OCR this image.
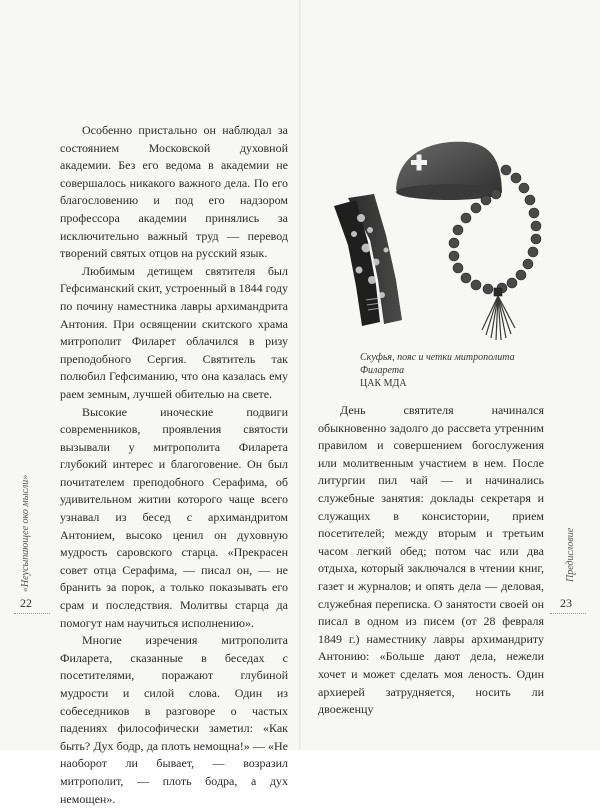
Особенно пристально он наблюдал за состоянием Московской духовной академии. Без его ведома в академии не совершалось никакого важного дела. По его благословению и под его надзором профессора академии принялись за исключительно важный труд — перевод творений святых отцов на русский язык.

Любимым детищем святителя был Гефсиманский скит, устроенный в 1844 году по почину наместника лавры архимандрита Антония. При освящении скитского храма митрополит Филарет облачился в ризу преподобного Сергия. Святитель так полюбил Гефсиманию, что она казалась ему раем земным, лучшей обителью на свете.

Высокие иноческие подвиги современников, проявления святости вызывали у митрополита Филарета глубокий интерес и благоговение. Он был почитателем преподобного Серафима, об удивительном житии которого чаще всего узнавал из бесед с архимандритом Антонием, высоко ценил он духовную мудрость саровского старца. «Прекрасен совет отца Серафима, — писал он, — не бранить за порок, а только показывать его срам и последствия. Молитвы старца да помогут нам научиться исполнению».

Многие изречения митрополита Филарета, сказанные в беседах с посетителями, поражают глубиной мудрости и силой слова. Один из собеседников в разговоре о частых падениях философически заметил: «Как быть? Дух бодр, да плоть немощна!» — «Не наоборот ли бывает, — возразил митрополит, — плоть бодра, а дух немощен».

«Неусыпающее око мысли»
22
Скуфья, пояс и четки митрополита
Филарета
ЦАК МДА

День святителя начинался обыкновенно задолго до рассвета утренним правилом и совершением богослужения или молитвенным участием в нем. После литургии пил чай — и начинались служебные занятия: доклады секретаря и служащих в консистории, прием посетителей; между вторым и третьим часом легкий обед; потом час или два отдыха, который заключался в чтении книг, газет и журналов; и опять дела — деловая, служебная переписка. О занятости своей он писал в одном из писем (от 28 февраля 1849 г.) наместнику лавры архимандриту Антонию: «Больше дают дела, нежели хочет и может сделать моя леность. Один архиерей затрудняется, носить ли двоеженцу

Предисловие
23
